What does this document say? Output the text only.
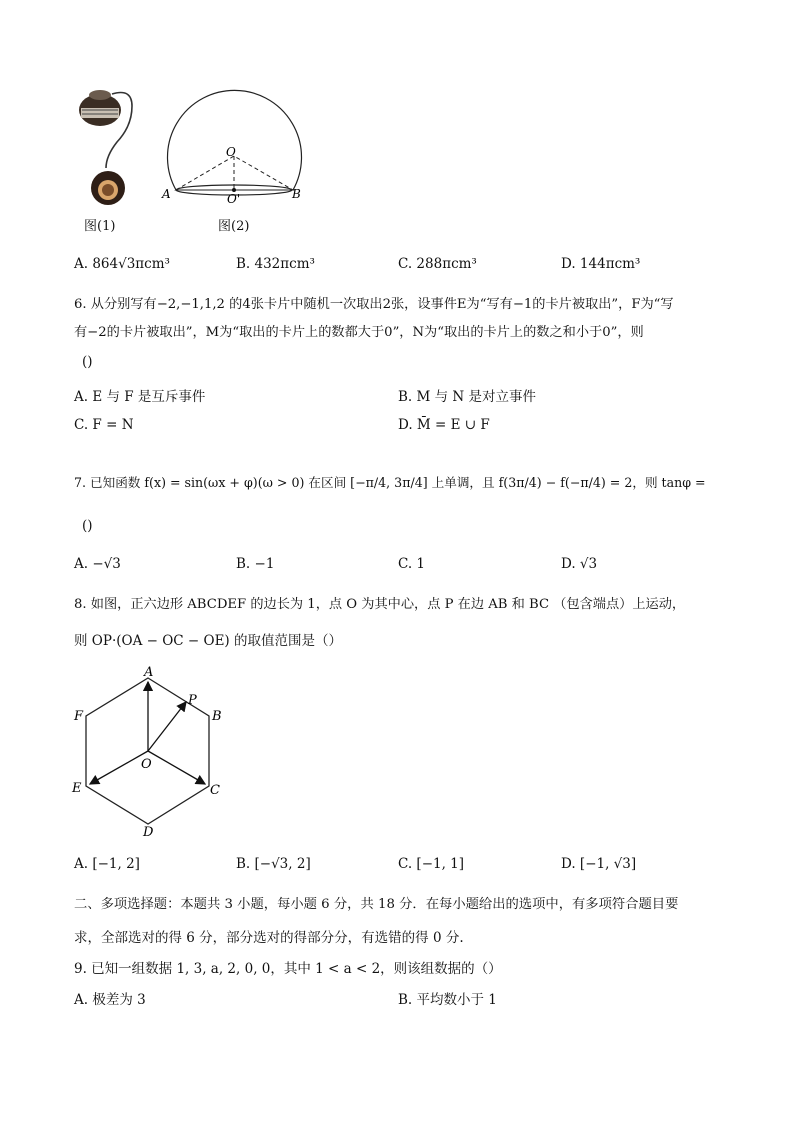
图(1)
O
A	B
O'
图(2)
A. 864√3πcm³	B. 432πcm³	C. 288πcm³	D. 144πcm³
6. 从分别写有−2,−1,1,2 的4张卡片中随机一次取出2张，设事件E为“写有−1的卡片被取出”，F为“写
有−2的卡片被取出”，M为“取出的卡片上的数都大于0”，N为“取出的卡片上的数之和小于0”，则
()
A. E 与 F 是互斥事件	B. M 与 N 是对立事件
C. F = N	D. M̄ = E ∪ F
7. 已知函数 f(x) = sin(ωx + φ)(ω > 0) 在区间 [−π/4, 3π/4] 上单调，且 f(3π/4) − f(−π/4) = 2，则 tanφ =
()
A. −√3	B. −1	C. 1	D. √3
8. 如图，正六边形 ABCDEF 的边长为 1，点 O 为其中心，点 P 在边 AB 和 BC （包含端点）上运动，
则 OP·(OA − OC − OE) 的取值范围是（）
A
B
C
D
E
F
O
P
A. [−1, 2]	B. [−√3, 2]	C. [−1, 1]	D. [−1, √3]
二、多项选择题：本题共 3 小题，每小题 6 分，共 18 分．在每小题给出的选项中，有多项符合题目要
求，全部选对的得 6 分，部分选对的得部分分，有选错的得 0 分.
9. 已知一组数据 1, 3, a, 2, 0, 0，其中 1 < a < 2，则该组数据的（）
A. 极差为 3	B. 平均数小于 1
